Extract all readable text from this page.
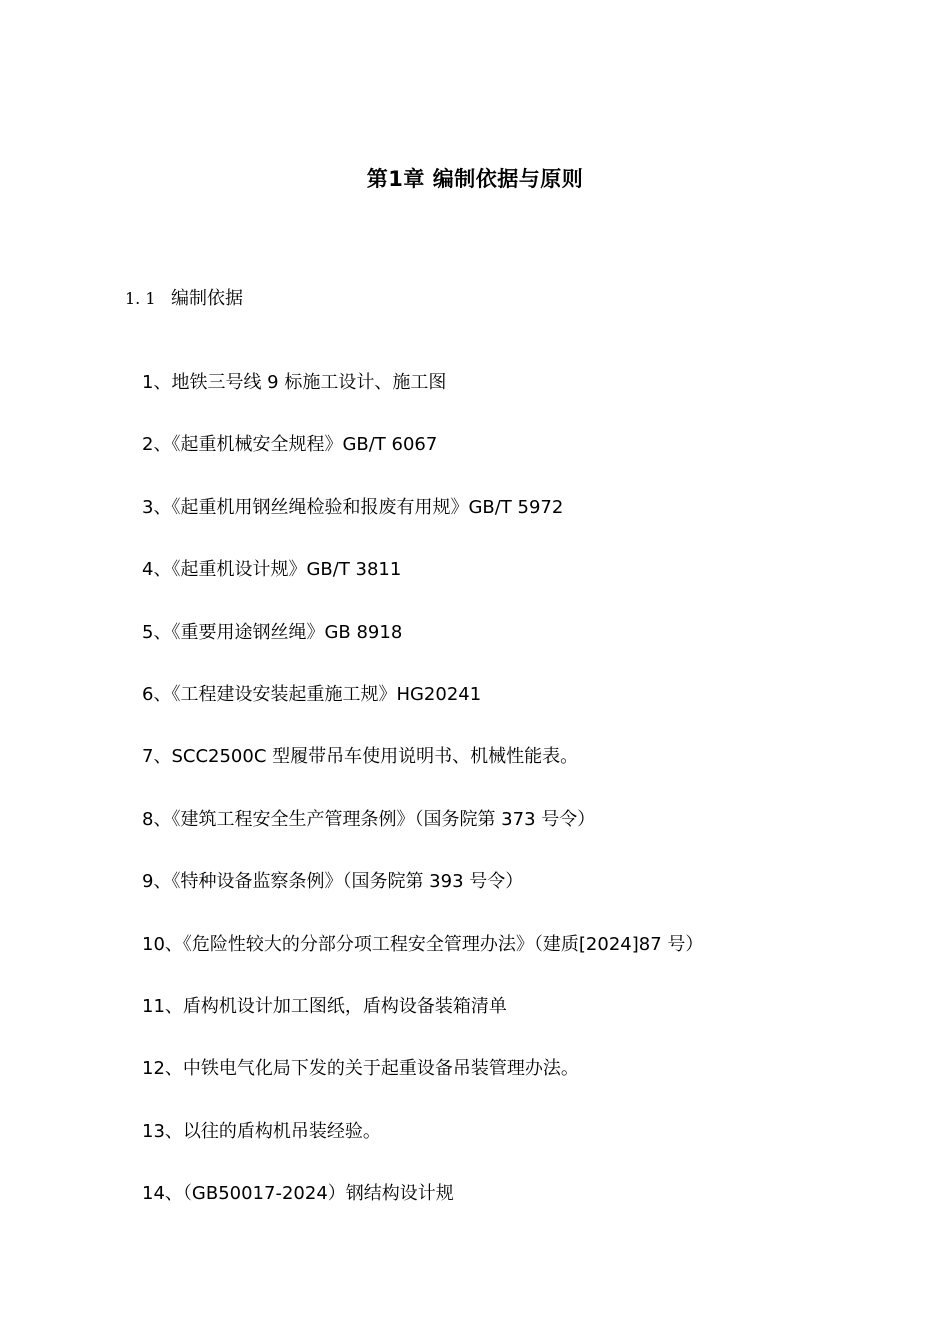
第1章 编制依据与原则
1. 1 编制依据
1、地铁三号线 9 标施工设计、施工图
2、《起重机械安全规程》GB/T 6067
3、《起重机用钢丝绳检验和报废有用规》GB/T 5972
4、《起重机设计规》GB/T 3811
5、《重要用途钢丝绳》GB 8918
6、《工程建设安装起重施工规》HG20241
7、SCC2500C 型履带吊车使用说明书、机械性能表。
8、《建筑工程安全生产管理条例》（国务院第 373 号令）
9、《特种设备监察条例》（国务院第 393 号令）
10、《危险性较大的分部分项工程安全管理办法》（建质[2024]87 号）
11、盾构机设计加工图纸，盾构设备装箱清单
12、中铁电气化局下发的关于起重设备吊装管理办法。
13、以往的盾构机吊装经验。
14、（GB50017-2024）钢结构设计规
